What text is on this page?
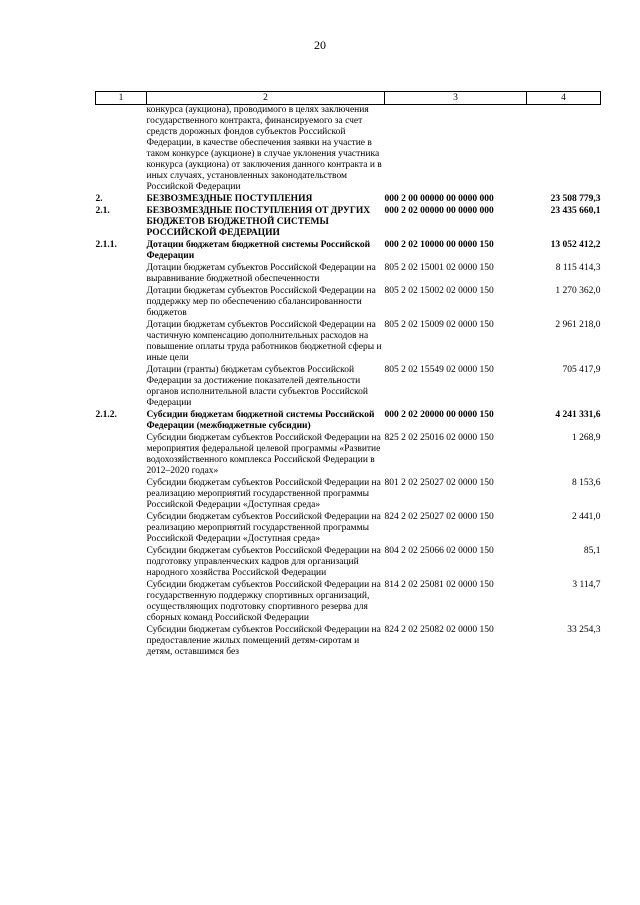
20
1	2	3	4
	конкурса (аукциона), проводимого в целях заключения государственного контракта, финансируемого за счет средств дорожных фондов субъектов Российской Федерации, в качестве обеспечения заявки на участие в таком конкурсе (аукционе) в случае уклонения участника конкурса (аукциона) от заключения данного контракта и в иных случаях, установленных законодательством Российской Федерации		
2.	БЕЗВОЗМЕЗДНЫЕ ПОСТУПЛЕНИЯ	000 2 00 00000 00 0000 000	23 508 779,3
2.1.	БЕЗВОЗМЕЗДНЫЕ ПОСТУПЛЕНИЯ ОТ ДРУГИХ БЮДЖЕТОВ БЮДЖЕТНОЙ СИСТЕМЫ РОССИЙСКОЙ ФЕДЕРАЦИИ	000 2 02 00000 00 0000 000	23 435 660,1
2.1.1.	Дотации бюджетам бюджетной системы Российской Федерации	000 2 02 10000 00 0000 150	13 052 412,2
	Дотации бюджетам субъектов Российской Федерации на выравнивание бюджетной обеспеченности	805 2 02 15001 02 0000 150	8 115 414,3
	Дотации бюджетам субъектов Российской Федерации на поддержку мер по обеспечению сбалансированности бюджетов	805 2 02 15002 02 0000 150	1 270 362,0
	Дотации бюджетам субъектов Российской Федерации на частичную компенсацию дополнительных расходов на повышение оплаты труда работников бюджетной сферы и иные цели	805 2 02 15009 02 0000 150	2 961 218,0
	Дотации (гранты) бюджетам субъектов Российской Федерации за достижение показателей деятельности органов исполнительной власти субъектов Российской Федерации	805 2 02 15549 02 0000 150	705 417,9
2.1.2.	Субсидии бюджетам бюджетной системы Российской Федерации (межбюджетные субсидии)	000 2 02 20000 00 0000 150	4 241 331,6
	Субсидии бюджетам субъектов Российской Федерации на мероприятия федеральной целевой программы «Развитие водохозяйственного комплекса Российской Федерации в 2012–2020 годах»	825 2 02 25016 02 0000 150	1 268,9
	Субсидии бюджетам субъектов Российской Федерации на реализацию мероприятий государственной программы Российской Федерации «Доступная среда»	801 2 02 25027 02 0000 150	8 153,6
	Субсидии бюджетам субъектов Российской Федерации на реализацию мероприятий государственной программы Российской Федерации «Доступная среда»	824 2 02 25027 02 0000 150	2 441,0
	Субсидии бюджетам субъектов Российской Федерации на подготовку управленческих кадров для организаций народного хозяйства Российской Федерации	804 2 02 25066 02 0000 150	85,1
	Субсидии бюджетам субъектов Российской Федерации на государственную поддержку спортивных организаций, осуществляющих подготовку спортивного резерва для сборных команд Российской Федерации	814 2 02 25081 02 0000 150	3 114,7
	Субсидии бюджетам субъектов Российской Федерации на предоставление жилых помещений детям-сиротам и детям, оставшимся без	824 2 02 25082 02 0000 150	33 254,3
